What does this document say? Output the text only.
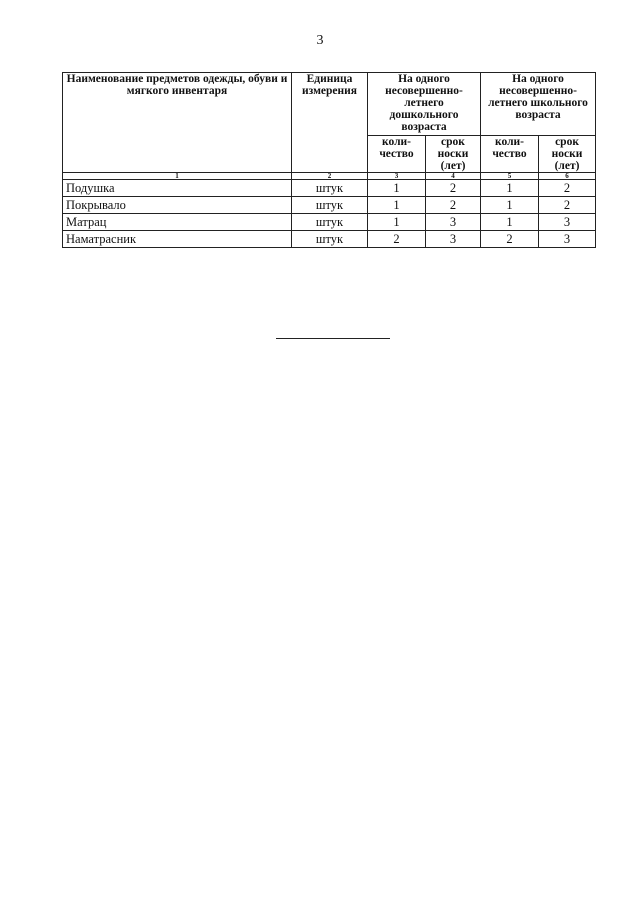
3
Наименование предметов одежды, обуви и мягкого инвентаря	Единица измерения	На одного несовершенно-летнего дошкольного возраста		На одного несовершенно-летнего школьного возраста	
		коли-чество	срок носки (лет)	коли-чество	срок носки (лет)
1	2	3	4	5	6
Подушка	штук	1	2	1	2
Покрывало	штук	1	2	1	2
Матрац	штук	1	3	1	3
Наматрасник	штук	2	3	2	3
